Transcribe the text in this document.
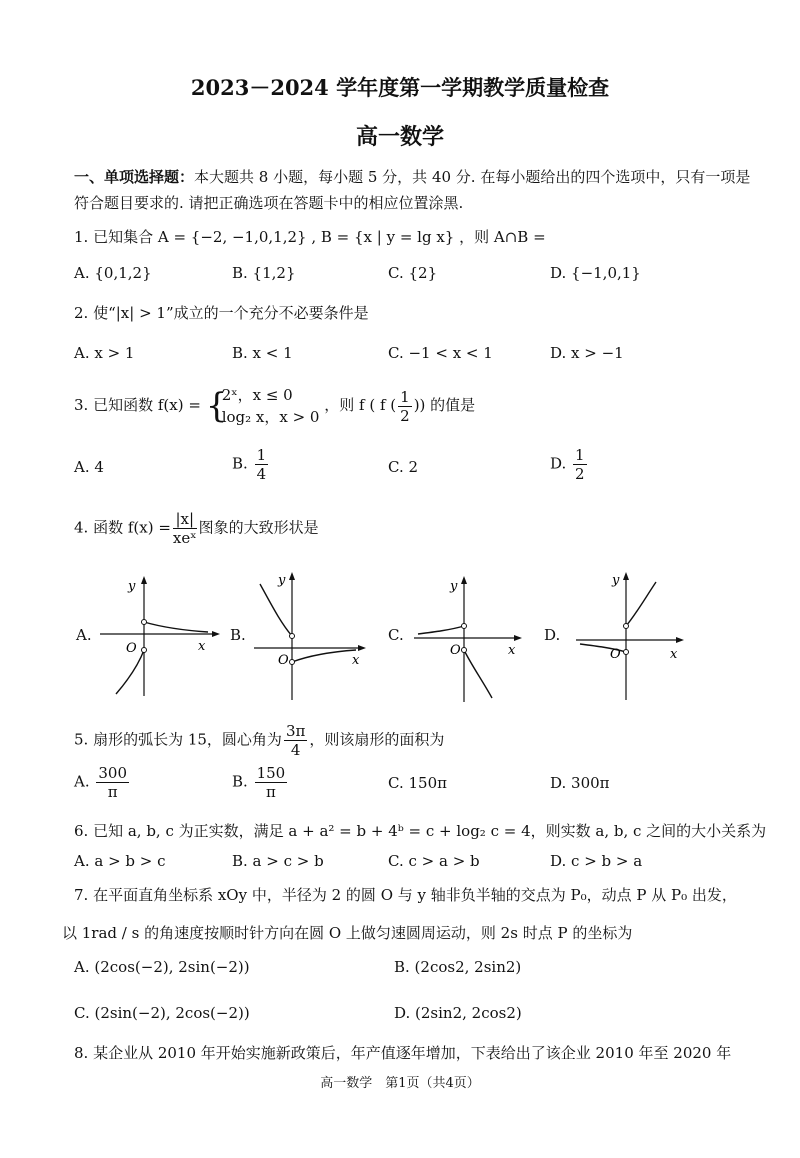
2023－2024 学年度第一学期教学质量检查
高一数学
一、单项选择题：本大题共 8 小题，每小题 5 分，共 40 分. 在每小题给出的四个选项中，只有一项是符合题目要求的. 请把正确选项在答题卡中的相应位置涂黑.
1. 已知集合 A = {−2, −1,0,1,2} , B = {x | y = lg x} ，则 A∩B =
A. {0,1,2}	B. {1,2}	C. {2}	D. {−1,0,1}
2. 使“|x| > 1”成立的一个充分不必要条件是
A. x > 1	B. x < 1	C. −1 < x < 1	D. x > −1
3. 已知函数 f(x) = {
2ˣ，x ≤ 0
log₂ x，x > 0
，则 f ( f ( $\frac{1}{2}$ )) 的值是
A. 4	B. $\frac{1}{4}$	C. 2	D. $\frac{1}{2}$
4. 函数 $f(x) = \frac{|x|}{\text{xeˣ}}$ 图象的大致形状是
A.	B.	C.	D.
y
x
O
y
x
O
y
x
O
y
x
O
5. 扇形的弧长为 15，圆心角为 $\frac{3\pi}{4}$ ，则该扇形的面积为
A. $\frac{300}{\pi}$	B. $\frac{150}{\pi}$	C. 150π	D. 300π
6. 已知 a, b, c 为正实数，满足 a + a² = b + 4ᵇ = c + log₂ c = 4，则实数 a, b, c 之间的大小关系为
A. a > b > c	B. a > c > b	C. c > a > b	D. c > b > a
7. 在平面直角坐标系 xOy 中，半径为 2 的圆 O 与 y 轴非负半轴的交点为 P₀，动点 P 从 P₀ 出发，
以 1rad / s 的角速度按顺时针方向在圆 O 上做匀速圆周运动，则 2s 时点 P 的坐标为
A. (2cos(−2), 2sin(−2))	B. (2cos2, 2sin2)
C. (2sin(−2), 2cos(−2))	D. (2sin2, 2cos2)
8. 某企业从 2010 年开始实施新政策后，年产值逐年增加，下表给出了该企业 2010 年至 2020 年
高一数学　第1页（共4页）
